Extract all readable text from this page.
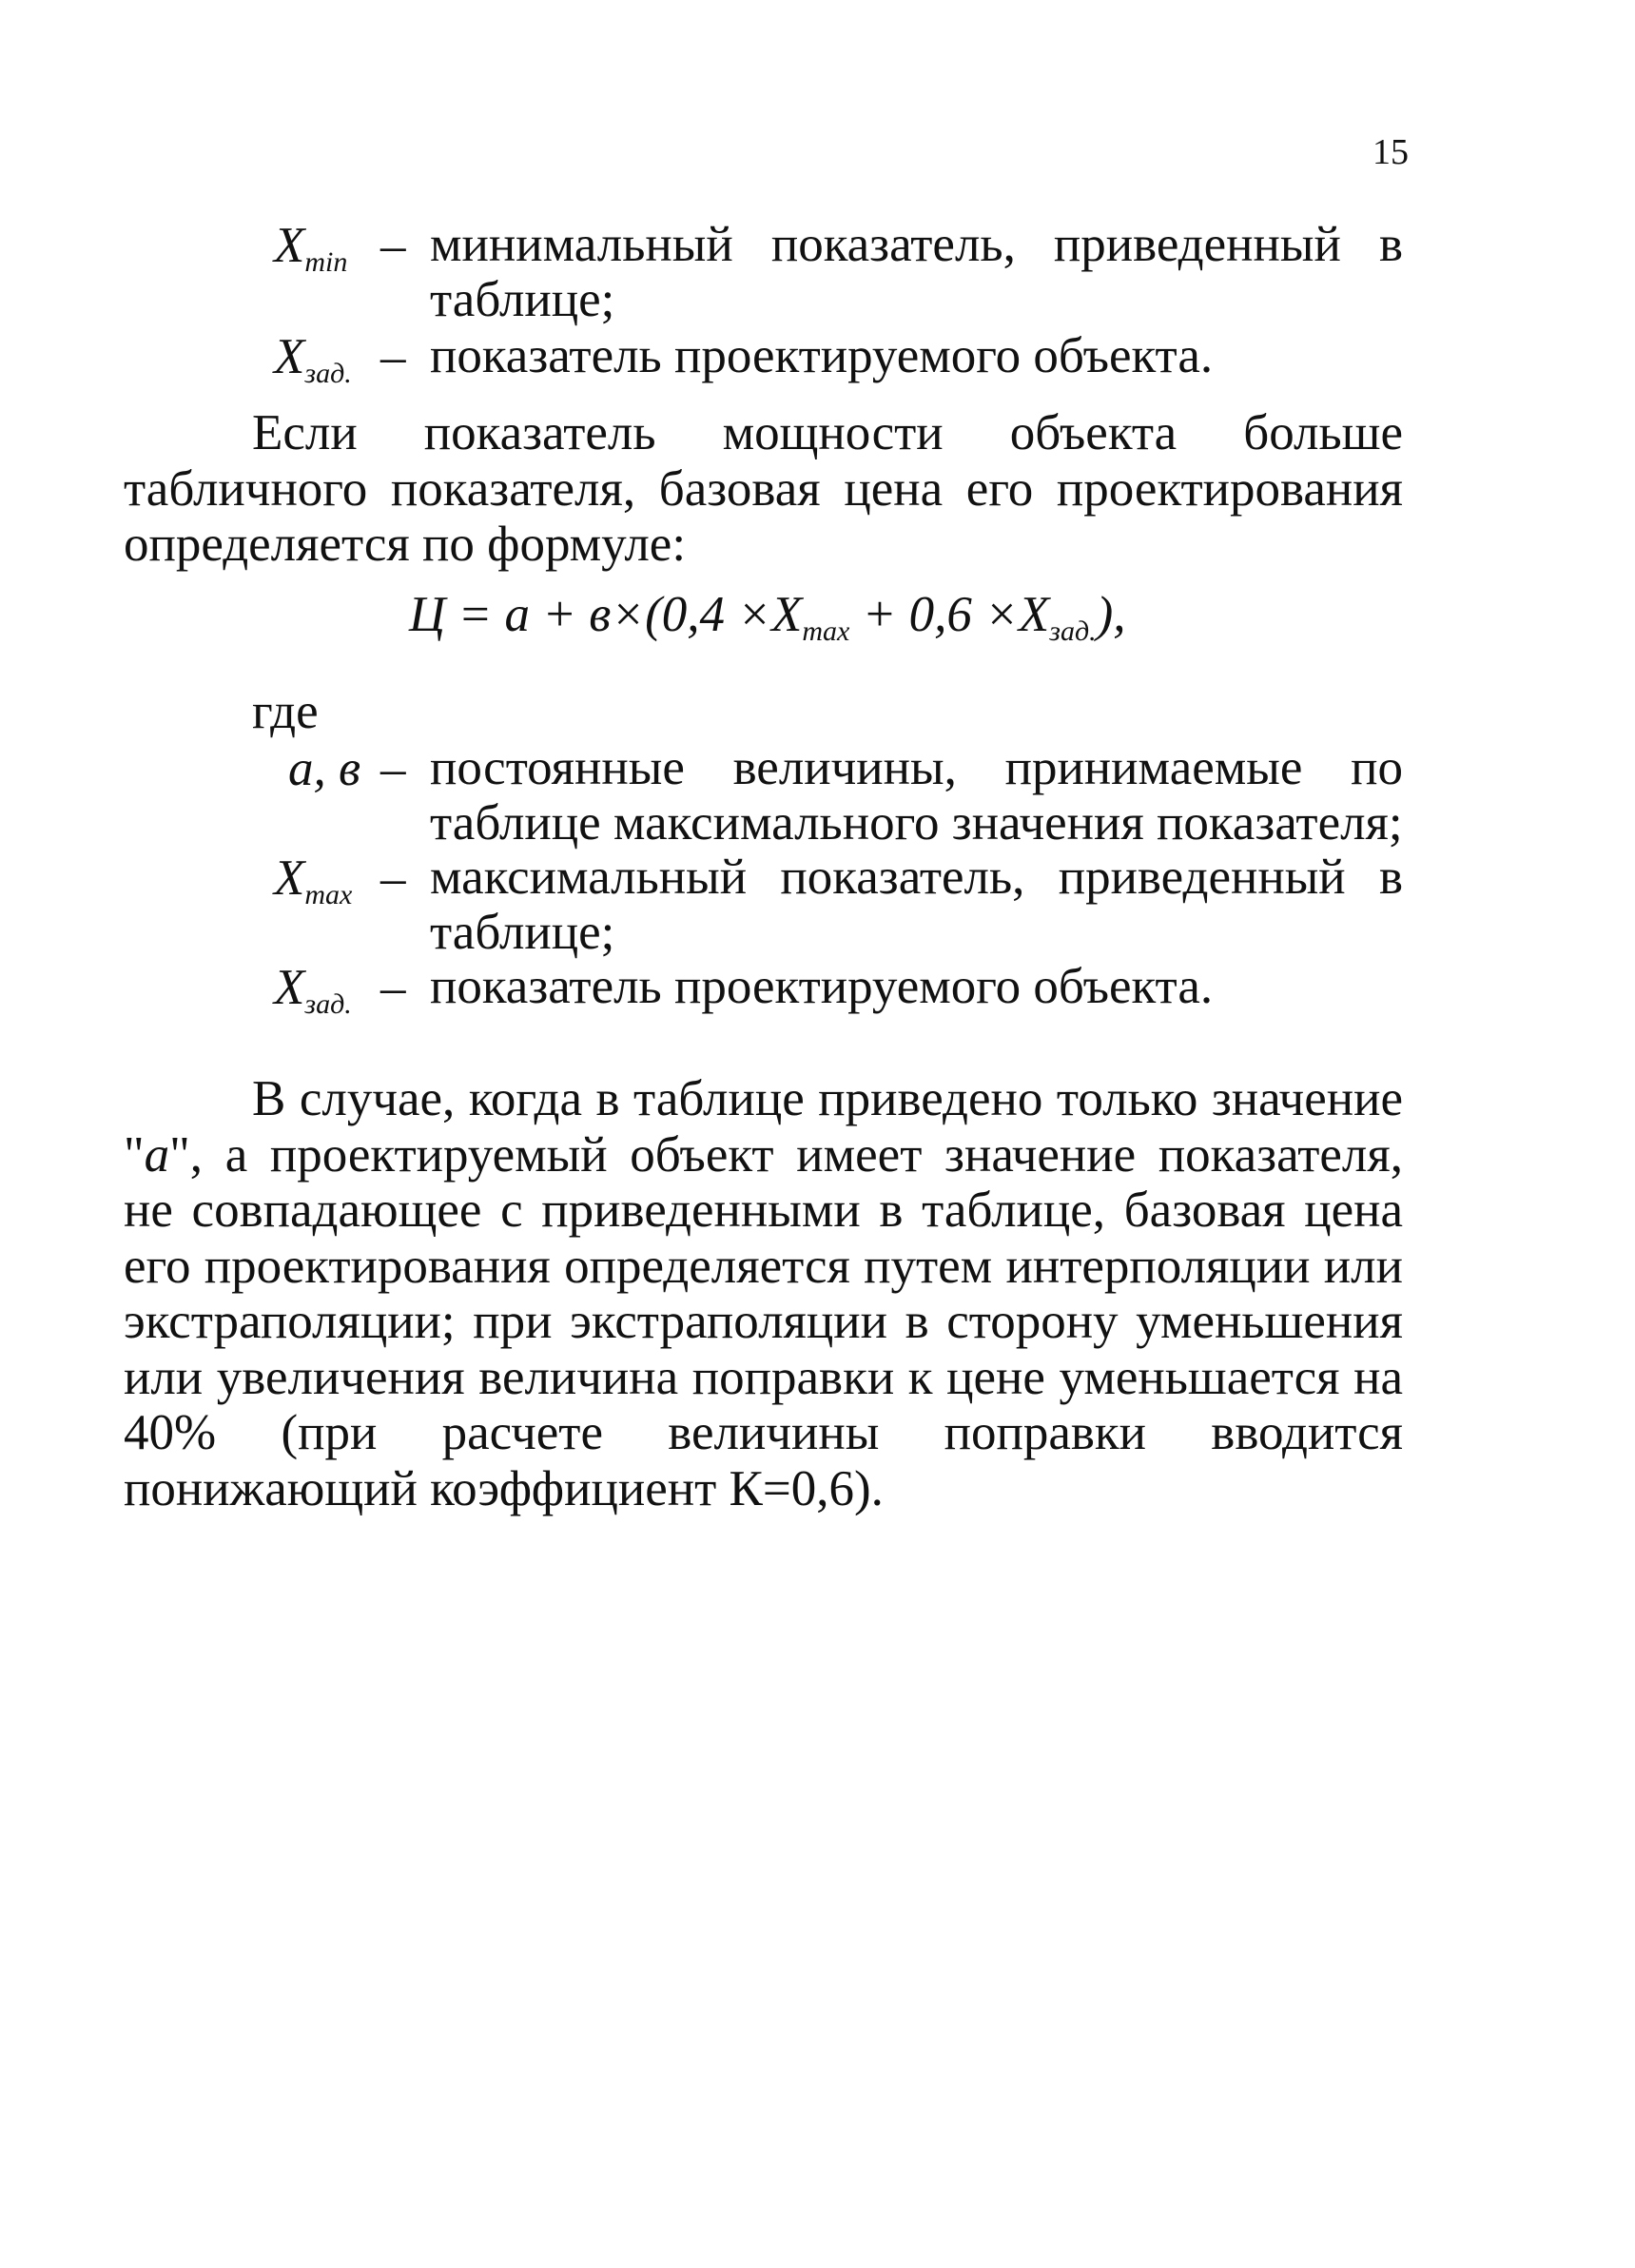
15
$X_{min}$ – минимальный показатель, приведенный в таблице;
$X_{зад.}$ – показатель проектируемого объекта.
Если показатель мощности объекта больше табличного показателя, базовая цена его проектирования определяется по формуле:
$Ц = а + в\times(0,4 \times X_{max} + 0,6 \times X_{зад.})$,
где
а, в – постоянные величины, принимаемые по таблице максимального значения показателя;
$X_{max}$ – максимальный показатель, приведенный в таблице;
$X_{зад.}$ – показатель проектируемого объекта.
В случае, когда в таблице приведено только значение "а", а проектируемый объект имеет значение показателя, не совпадающее с приведенными в таблице, базовая цена его проектирования определяется путем интерполяции или экстраполяции; при экстраполяции в сторону уменьшения или увеличения величина поправки к цене уменьшается на 40% (при расчете величины поправки вводится понижающий коэффициент К=0,6).
